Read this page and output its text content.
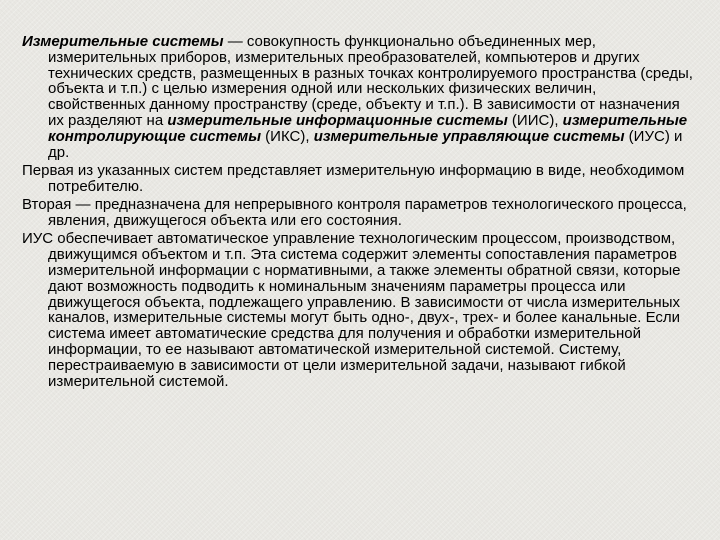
Измерительные системы — совокупность функционально объединенных мер, измерительных приборов, измерительных преобразователей, компьютеров и других технических средств, размещенных в разных точках контролируемого пространства (среды, объекта и т.п.) с целью измерения одной или нескольких физических величин, свойственных данному пространству (среде, объекту и т.п.). В зависимости от назначения их разделяют на измерительные информационные системы (ИИС), измерительные контролирующие системы (ИКС), измерительные управляющие системы (ИУС) и др.

Первая из указанных систем представляет измерительную информацию в виде, необходимом потребителю.

Вторая — предназначена для непрерывного контроля параметров технологического процесса, явления, движущегося объекта или его состояния.

ИУС обеспечивает автоматическое управление технологическим процессом, производством, движущимся объектом и т.п. Эта система содержит элементы сопоставления параметров измерительной информации с нормативными, а также элементы обратной связи, которые дают возможность подводить к номинальным значениям параметры процесса или движущегося объекта, подлежащего управлению. В зависимости от числа измерительных каналов, измерительные системы могут быть одно-, двух-, трех- и более канальные. Если система имеет автоматические средства для получения и обработки измерительной информации, то ее называют автоматической измерительной системой. Систему, перестраиваемую в зависимости от цели измерительной задачи, называют гибкой измерительной системой.
